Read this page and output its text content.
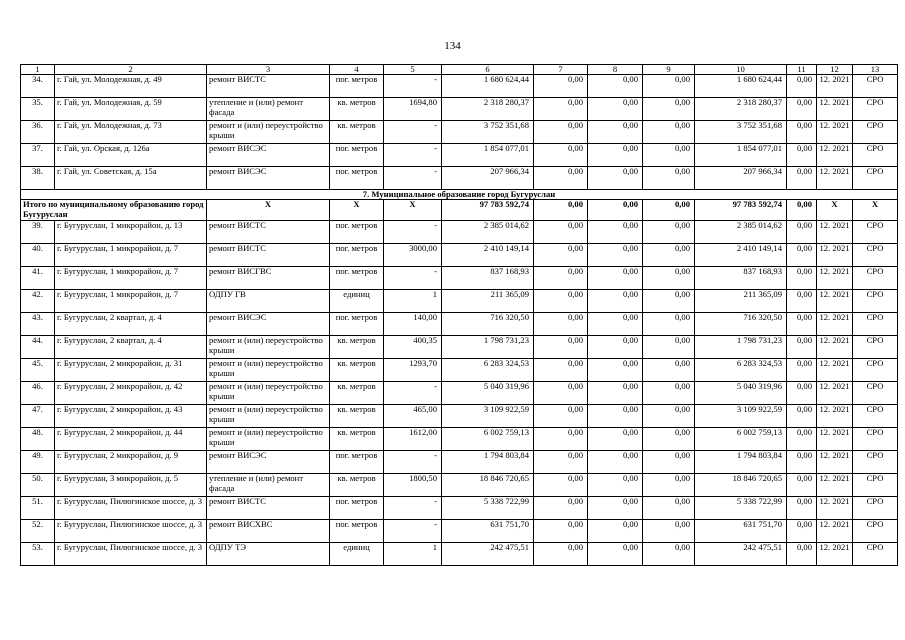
134
1	2	3	4	5	6	7	8	9	10	11	12	13
34.	г. Гай, ул. Молодежная, д. 49	ремонт ВИСТС	пог. метров	-	1 680 624,44	0,00	0,00	0,00	1 680 624,44	0,00	12. 2021	СРО
35.	г. Гай, ул. Молодежная, д. 59	утепление и (или) ремонт фасада	кв. метров	1694,80	2 318 280,37	0,00	0,00	0,00	2 318 280,37	0,00	12. 2021	СРО
36.	г. Гай, ул. Молодежная, д. 73	ремонт и (или) переустройство крыши	кв. метров	-	3 752 351,68	0,00	0,00	0,00	3 752 351,68	0,00	12. 2021	СРО
37.	г. Гай, ул. Орская, д. 126а	ремонт ВИСЭС	пог. метров	-	1 854 077,01	0,00	0,00	0,00	1 854 077,01	0,00	12. 2021	СРО
38.	г. Гай, ул. Советская, д. 15а	ремонт ВИСЭС	пог. метров	-	207 966,34	0,00	0,00	0,00	207 966,34	0,00	12. 2021	СРО
7. Муниципальное образование город Бугуруслан												
Итого по муниципальному образованию город Бугуруслан		Х	Х	Х	97 783 592,74	0,00	0,00	0,00	97 783 592,74	0,00	Х	Х
39.	г. Бугуруслан, 1 микрорайон, д. 13	ремонт ВИСТС	пог. метров	-	2 385 014,62	0,00	0,00	0,00	2 385 014,62	0,00	12. 2021	СРО
40.	г. Бугуруслан, 1 микрорайон, д. 7	ремонт ВИСТС	пог. метров	3000,00	2 410 149,14	0,00	0,00	0,00	2 410 149,14	0,00	12. 2021	СРО
41.	г. Бугуруслан, 1 микрорайон, д. 7	ремонт ВИСГВС	пог. метров	-	837 168,93	0,00	0,00	0,00	837 168,93	0,00	12. 2021	СРО
42.	г. Бугуруслан, 1 микрорайон, д. 7	ОДПУ ГВ	единиц	1	211 365,09	0,00	0,00	0,00	211 365,09	0,00	12. 2021	СРО
43.	г. Бугуруслан, 2 квартал, д. 4	ремонт ВИСЭС	пог. метров	140,00	716 320,50	0,00	0,00	0,00	716 320,50	0,00	12. 2021	СРО
44.	г. Бугуруслан, 2 квартал, д. 4	ремонт и (или) переустройство крыши	кв. метров	400,35	1 798 731,23	0,00	0,00	0,00	1 798 731,23	0,00	12. 2021	СРО
45.	г. Бугуруслан, 2 микрорайон, д. 31	ремонт и (или) переустройство крыши	кв. метров	1293,70	6 283 324,53	0,00	0,00	0,00	6 283 324,53	0,00	12. 2021	СРО
46.	г. Бугуруслан, 2 микрорайон, д. 42	ремонт и (или) переустройство крыши	кв. метров	-	5 040 319,96	0,00	0,00	0,00	5 040 319,96	0,00	12. 2021	СРО
47.	г. Бугуруслан, 2 микрорайон, д. 43	ремонт и (или) переустройство крыши	кв. метров	465,00	3 109 922,59	0,00	0,00	0,00	3 109 922,59	0,00	12. 2021	СРО
48.	г. Бугуруслан, 2 микрорайон, д. 44	ремонт и (или) переустройство крыши	кв. метров	1612,00	6 002 759,13	0,00	0,00	0,00	6 002 759,13	0,00	12. 2021	СРО
49.	г. Бугуруслан, 2 микрорайон, д. 9	ремонт ВИСЭС	пог. метров	-	1 794 803,84	0,00	0,00	0,00	1 794 803,84	0,00	12. 2021	СРО
50.	г. Бугуруслан, 3 микрорайон, д. 5	утепление и (или) ремонт фасада	кв. метров	1800,50	18 846 720,65	0,00	0,00	0,00	18 846 720,65	0,00	12. 2021	СРО
51.	г. Бугуруслан, Пилюгинское шоссе, д. 3	ремонт ВИСТС	пог. метров	-	5 338 722,99	0,00	0,00	0,00	5 338 722,99	0,00	12. 2021	СРО
52.	г. Бугуруслан, Пилюгинское шоссе, д. 3	ремонт ВИСХВС	пог. метров	-	631 751,70	0,00	0,00	0,00	631 751,70	0,00	12. 2021	СРО
53.	г. Бугуруслан, Пилюгинское шоссе, д. 3	ОДПУ ТЭ	единиц	1	242 475,51	0,00	0,00	0,00	242 475,51	0,00	12. 2021	СРО
